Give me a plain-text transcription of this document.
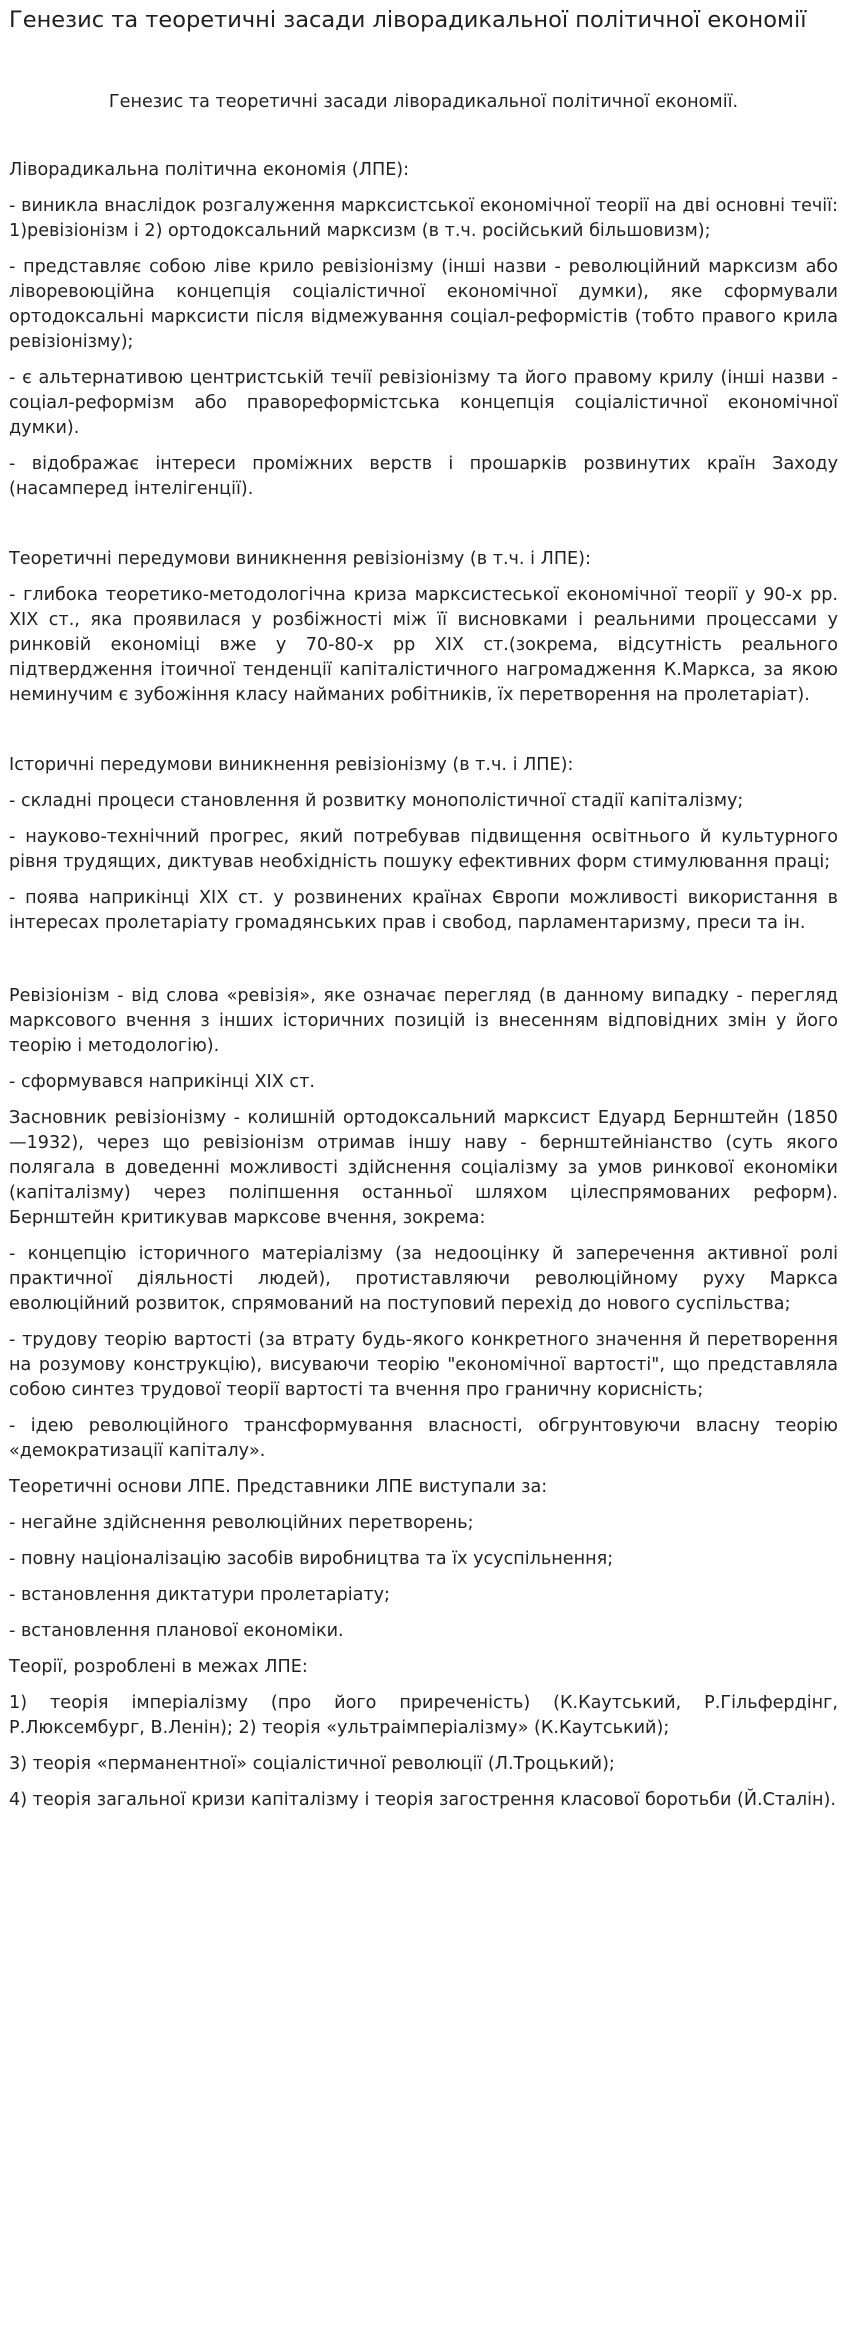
Генезис та теоретичні засади ліворадикальної політичної економії

Генезис та теоретичні засади ліворадикальної політичної економії.

Ліворадикальна політична економія (ЛПЕ):

- виникла внаслідок розгалуження марксистської економічної теорії на дві основні течії: 1)ревізіонізм і 2) ортодоксальний марксизм (в т.ч. російський більшовизм);

- представляє собою ліве крило ревізіонізму (інші назви - революційний марксизм або ліворевоюційна концепція соціалістичної економічної думки), яке сформували ортодоксальні марксисти після відмежування соціал-реформістів (тобто правого крила ревізіонізму);

- є альтернативою центристській течії ревізіонізму та його правому крилу (інші назви - соціал-реформізм або правореформістська концепція соціалістичної економічної думки).

- відображає інтереси проміжних верств і прошарків розвинутих країн Заходу (насамперед інтелігенції).

Теоретичні передумови виникнення ревізіонізму (в т.ч. і ЛПЕ):

- глибока теоретико-методологічна криза марксистеської економічної теорії у 90-х рр. ХІХ ст., яка проявилася у розбіжності між її висновками і реальними процессами у ринковій економіці вже у 70-80-х рр ХІХ ст.(зокрема, відсутність реального підтвердження ітоичної тенденції капіталістичного нагромадження К.Маркса, за якою неминучим є зубожіння класу найманих робітників, їх перетворення на пролетаріат).

Історичні передумови виникнення ревізіонізму (в т.ч. і ЛПЕ):

- складні процеси становлення й розвитку монополістичної стадії капіталізму;

- науково-технічний прогрес, який потребував підвищення освітнього й культурного рівня трудящих, диктував необхідність пошуку ефективних форм стимулювання праці;

- поява наприкінці ХІХ ст. у розвинених країнах Європи можливості використання в інтересах пролетаріату громадянських прав і свобод, парламентаризму, преси та ін.

Ревізіонізм - від слова «ревізія», яке означає перегляд (в данному випадку - перегляд марксового вчення з інших історичних позицій із внесенням відповідних змін у його теорію і методологію).

- сформувався наприкінці ХІХ ст.

Засновник ревізіонізму - колишній ортодоксальний марксист Едуард Бернштейн (1850—1932), через що ревізіонізм отримав іншу наву - бернштейніанство (суть якого полягала в доведенні можливості здійснення соціалізму за умов ринкової економіки (капіталізму) через поліпшення останньої шляхом цілеспрямованих реформ). Бернштейн критикував марксове вчення, зокрема:

- концепцію історичного матеріалізму (за недооцінку й заперечення активної ролі практичної діяльності людей), протиставляючи революційному руху Маркса еволюційний розвиток, спрямований на поступовий перехід до нового суспільства;

- трудову теорію вартості (за втрату будь-якого конкретного значення й перетворення на розумову конструкцію), висуваючи теорію "економічної вартості", що представляла собою синтез трудової теорії вартості та вчення про граничну корисність;

- ідею революційного трансформування власності, обгрунтовуючи власну теорію «демократизації капіталу».

Теоретичні основи ЛПЕ. Представники ЛПЕ виступали за:

- негайне здійснення революційних перетворень;

- повну націоналізацію засобів виробництва та їх усуспільнення;

- встановлення диктатури пролетаріату;

- встановлення планової економіки.

Теорії, розроблені в межах ЛПЕ:

1) теорія імперіалізму (про його приреченість) (К.Каутський, Р.Гільфердінг, Р.Люксембург, В.Ленін); 2) теорія «ультраімперіалізму» (К.Каутський);

3) теорія «перманентної» соціалістичної революції (Л.Троцький);

4) теорія загальної кризи капіталізму і теорія загострення класової боротьби (Й.Сталін).
